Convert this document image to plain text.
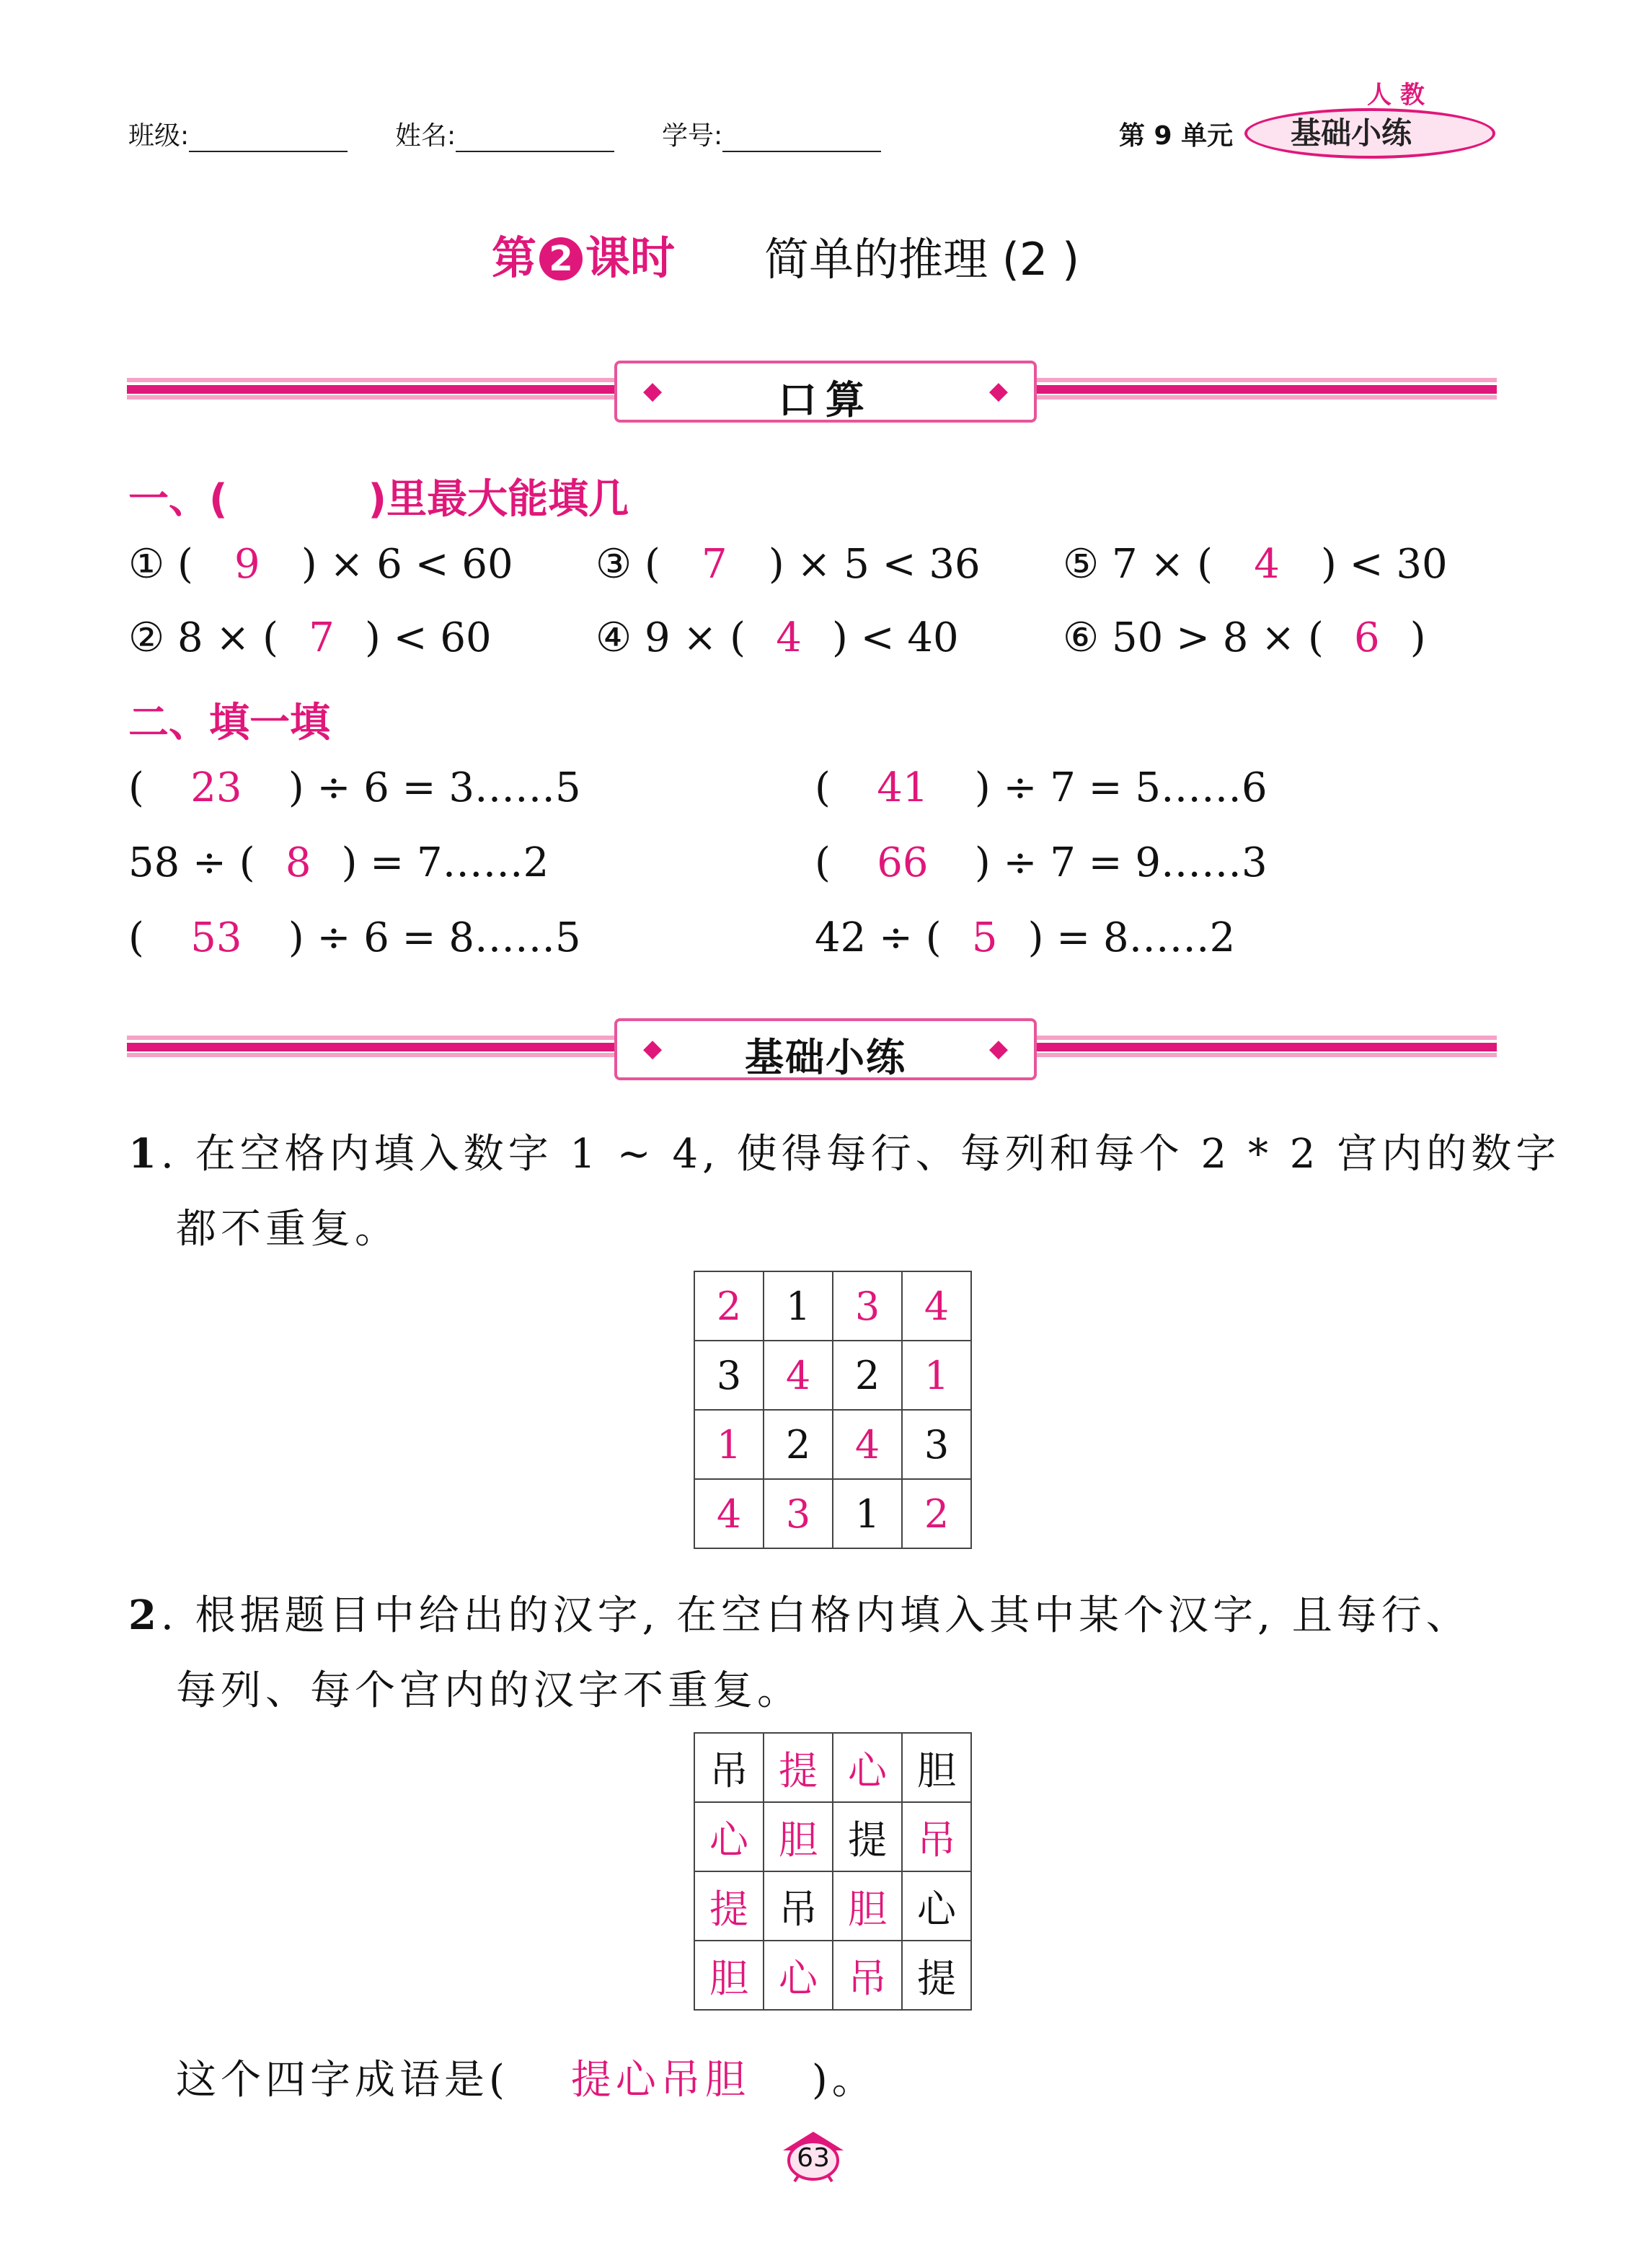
班级:	姓名:	学号:	第 9 单元
人 教
基础小练
第 2 课时 简单的推理 (2 )
◆	口算	◆
一、(          )里最大能填几
① ( 9 ) × 6 < 60 ③ ( 7 ) × 5 < 36 ⑤ 7 × ( 4 ) < 30
② 8 × ( 7 ) < 60	④ 9 × ( 4 ) < 40	⑥ 50 > 8 × ( 6 )
二、填一填
( 23 ) ÷ 6 = 3……5
58 ÷ ( 8 ) = 7……2
( 53 ) ÷ 6 = 8……5
( 41 ) ÷ 7 = 5……6
( 66 ) ÷ 7 = 9……3
42 ÷ ( 5 ) = 8……2
◆	基础小练	◆
1. 在空格内填入数字 1 ~ 4, 使得每行、每列和每个 2 * 2 宫内的数字
都不重复。
2	1	3	4
3	4	2	1
1	2	4	3
4	3	1	2
2. 根据题目中给出的汉字, 在空白格内填入其中某个汉字, 且每行、
每列、每个宫内的汉字不重复。
吊	提	心	胆
心	胆	提	吊
提	吊	胆	心
胆	心	吊	提
这个四字成语是( 提心吊胆 )。
63
